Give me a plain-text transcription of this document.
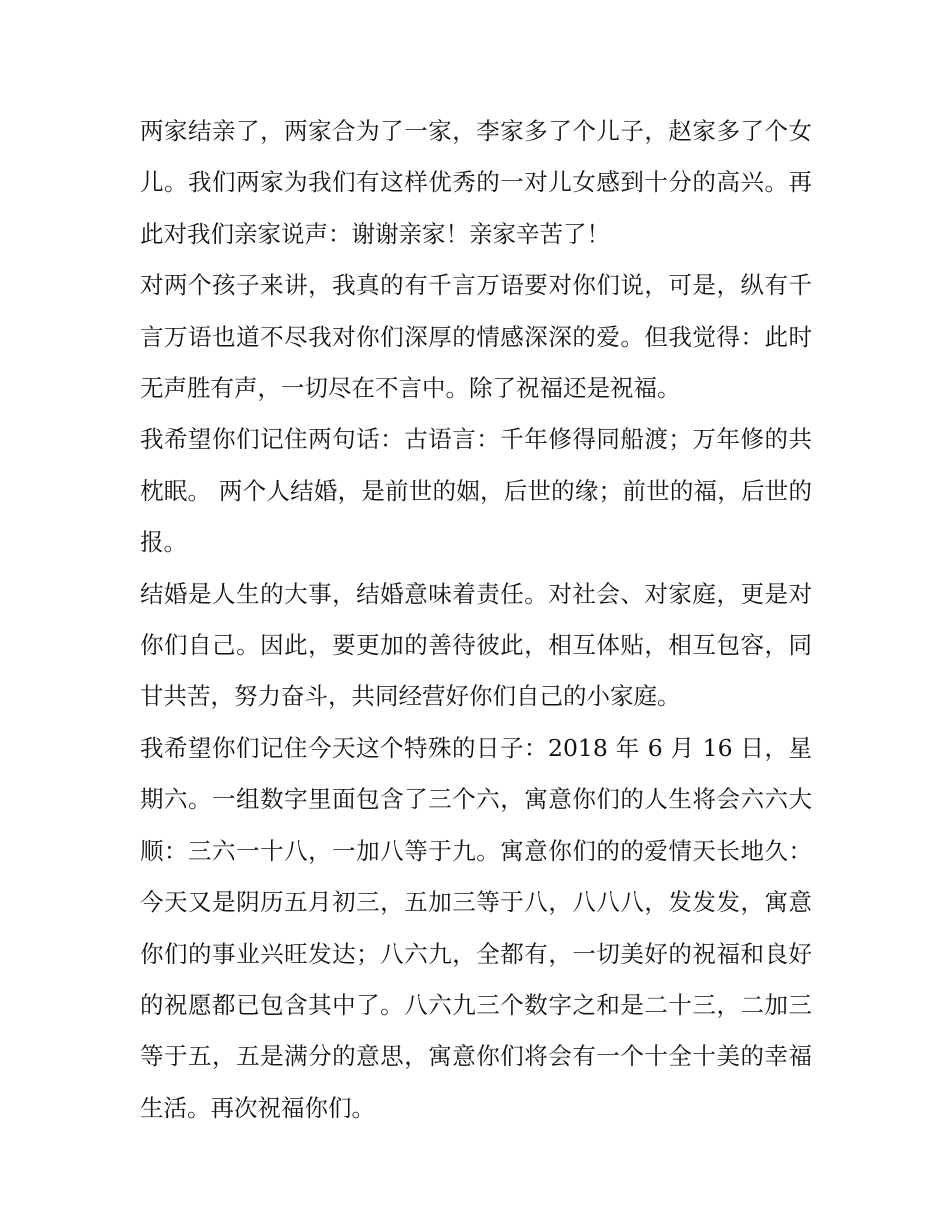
两家结亲了，两家合为了一家，李家多了个儿子，赵家多了个女儿。我们两家为我们有这样优秀的一对儿女感到十分的高兴。再此对我们亲家说声：谢谢亲家！亲家辛苦了！

对两个孩子来讲，我真的有千言万语要对你们说，可是，纵有千言万语也道不尽我对你们深厚的情感深深的爱。但我觉得：此时无声胜有声，一切尽在不言中。除了祝福还是祝福。

我希望你们记住两句话：古语言：千年修得同船渡；万年修的共枕眠。 两个人结婚，是前世的姻，后世的缘；前世的福，后世的报。

结婚是人生的大事，结婚意味着责任。对社会、对家庭，更是对你们自己。因此，要更加的善待彼此，相互体贴，相互包容，同甘共苦，努力奋斗，共同经营好你们自己的小家庭。

我希望你们记住今天这个特殊的日子：2018 年 6 月 16 日，星期六。一组数字里面包含了三个六，寓意你们的人生将会六六大顺：三六一十八，一加八等于九。寓意你们的的爱情天长地久：今天又是阴历五月初三，五加三等于八，八八八，发发发，寓意你们的事业兴旺发达；八六九，全都有，一切美好的祝福和良好的祝愿都已包含其中了。八六九三个数字之和是二十三，二加三等于五，五是满分的意思，寓意你们将会有一个十全十美的幸福生活。再次祝福你们。
